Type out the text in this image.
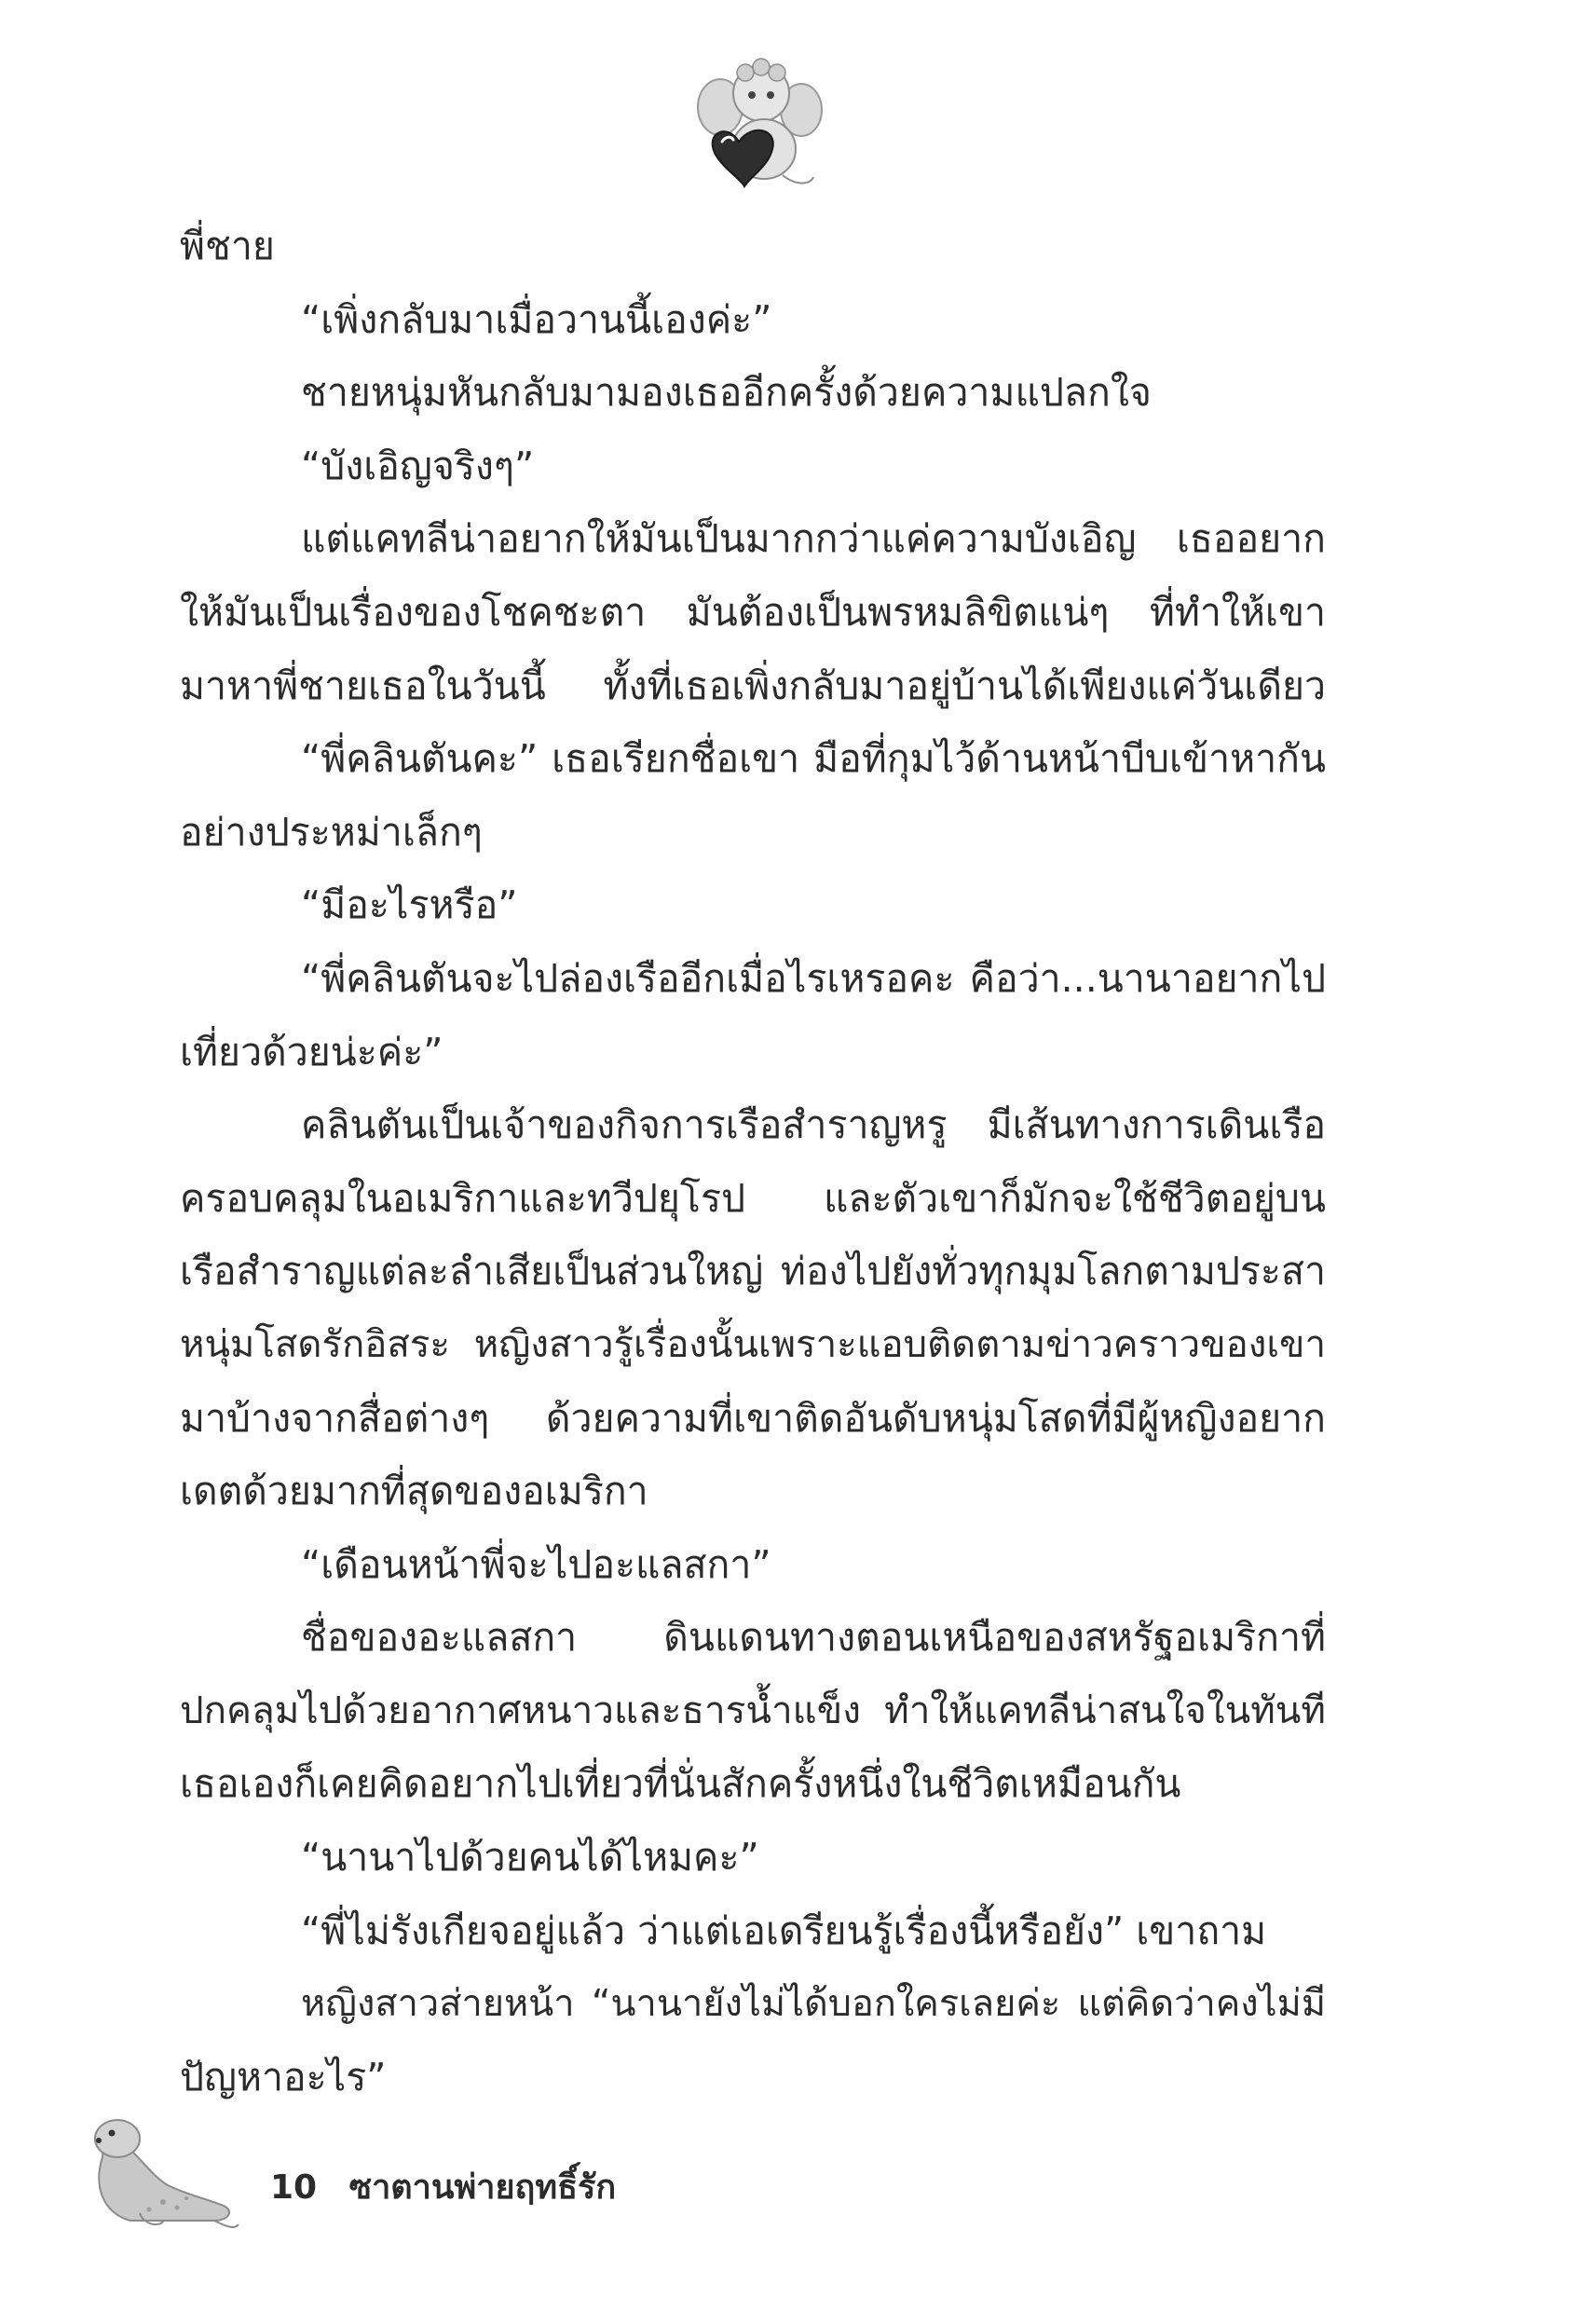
พี่ชาย
“เพิ่งกลับมาเมื่อวานนี้เองค่ะ”
ชายหนุ่มหันกลับมามองเธออีกครั้งด้วยความแปลกใจ
“บังเอิญจริงๆ”
แต่แคทลีน่าอยากให้มันเป็นมากกว่าแค่ความบังเอิญ เธออยาก
ให้มันเป็นเรื่องของโชคชะตา มันต้องเป็นพรหมลิขิตแน่ๆ ที่ทำให้เขา
มาหาพี่ชายเธอในวันนี้ ทั้งที่เธอเพิ่งกลับมาอยู่บ้านได้เพียงแค่วันเดียว
“พี่คลินตันคะ” เธอเรียกชื่อเขา มือที่กุมไว้ด้านหน้าบีบเข้าหากัน
อย่างประหม่าเล็กๆ
“มีอะไรหรือ”
“พี่คลินตันจะไปล่องเรืออีกเมื่อไรเหรอคะ คือว่า...นานาอยากไป
เที่ยวด้วยน่ะค่ะ”
คลินตันเป็นเจ้าของกิจการเรือสำราญหรู มีเส้นทางการเดินเรือ
ครอบคลุมในอเมริกาและทวีปยุโรป และตัวเขาก็มักจะใช้ชีวิตอยู่บน
เรือสำราญแต่ละลำเสียเป็นส่วนใหญ่ ท่องไปยังทั่วทุกมุมโลกตามประสา
หนุ่มโสดรักอิสระ หญิงสาวรู้เรื่องนั้นเพราะแอบติดตามข่าวคราวของเขา
มาบ้างจากสื่อต่างๆ ด้วยความที่เขาติดอันดับหนุ่มโสดที่มีผู้หญิงอยาก
เดตด้วยมากที่สุดของอเมริกา
“เดือนหน้าพี่จะไปอะแลสกา”
ชื่อของอะแลสกา ดินแดนทางตอนเหนือของสหรัฐอเมริกาที่
ปกคลุมไปด้วยอากาศหนาวและธารน้ำแข็ง ทำให้แคทลีน่าสนใจในทันที
เธอเองก็เคยคิดอยากไปเที่ยวที่นั่นสักครั้งหนึ่งในชีวิตเหมือนกัน
“นานาไปด้วยคนได้ไหมคะ”
“พี่ไม่รังเกียจอยู่แล้ว ว่าแต่เอเดรียนรู้เรื่องนี้หรือยัง” เขาถาม
หญิงสาวส่ายหน้า “นานายังไม่ได้บอกใครเลยค่ะ แต่คิดว่าคงไม่มี
ปัญหาอะไร”
10 ซาตานพ่ายฤทธิ์รัก
